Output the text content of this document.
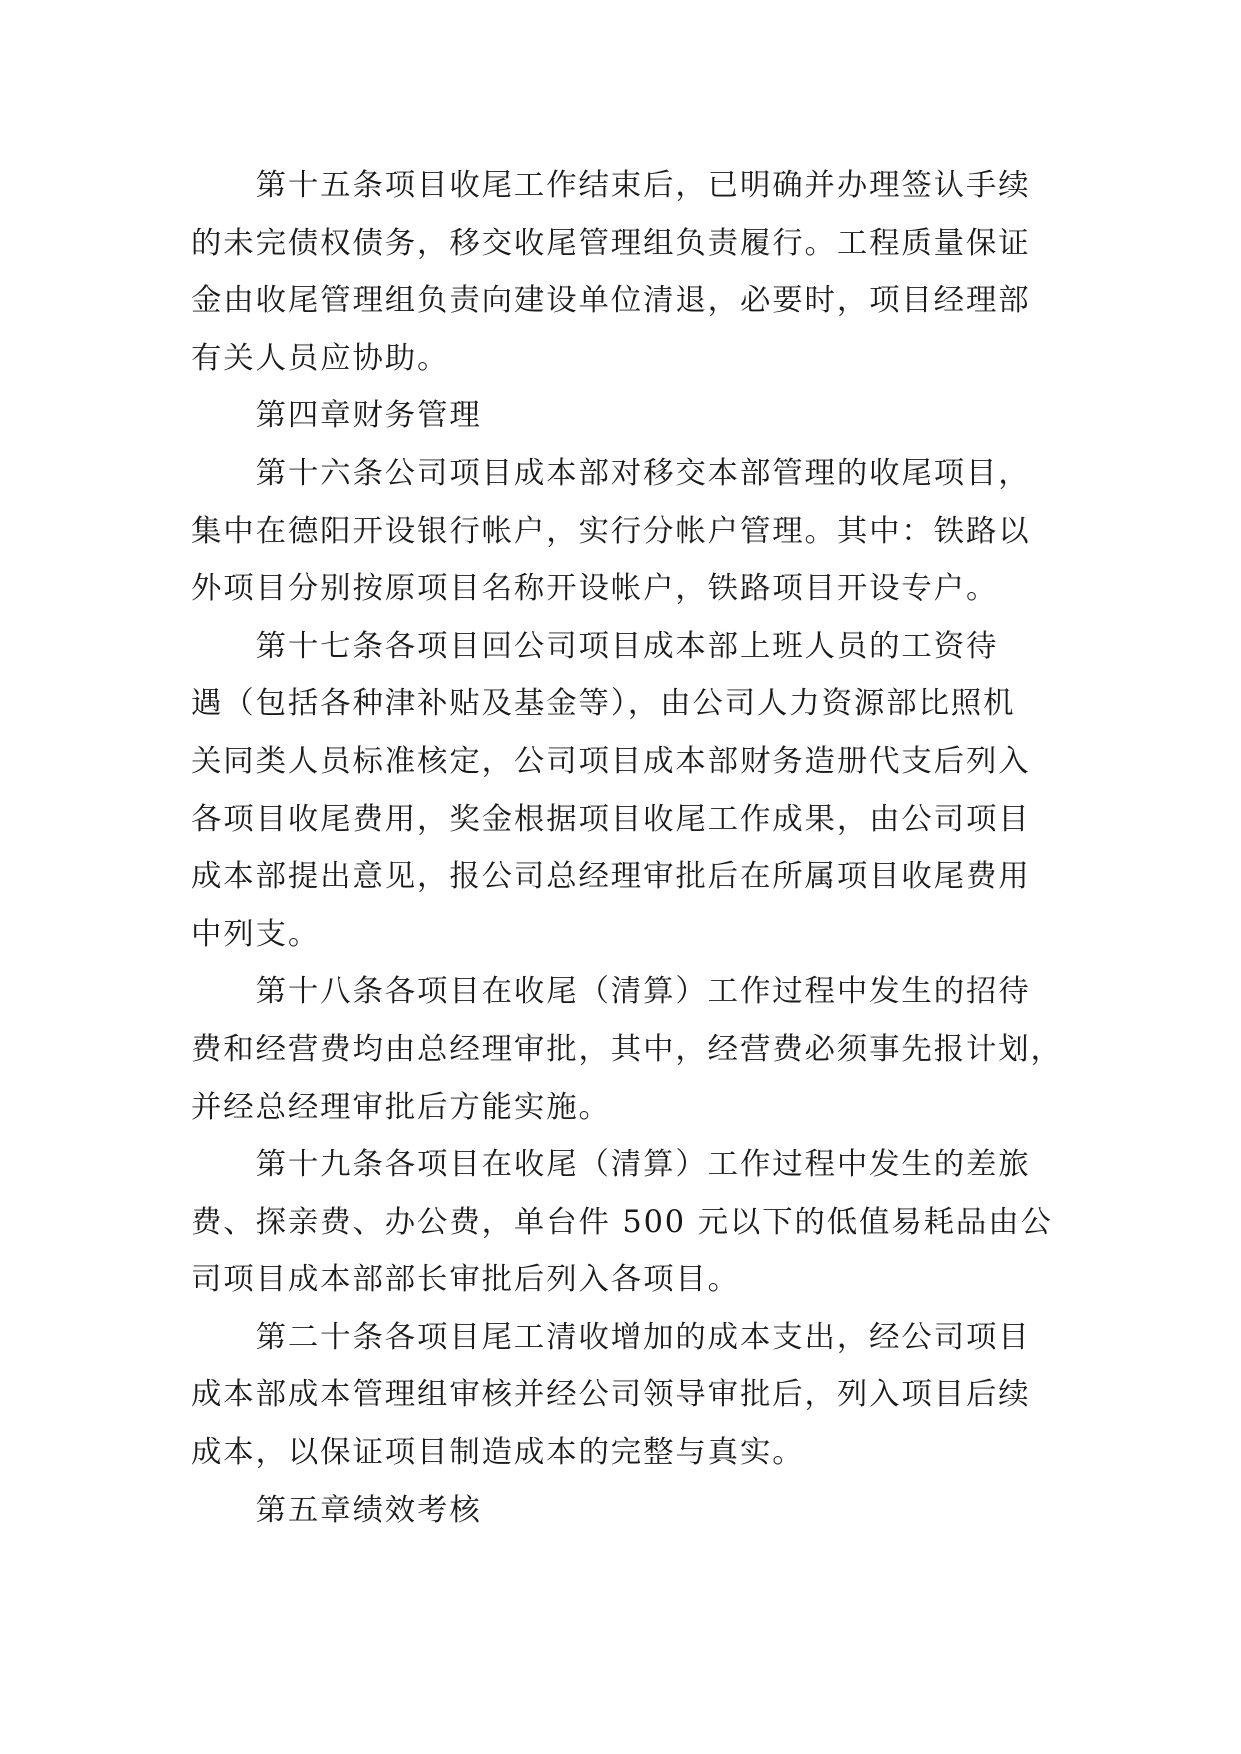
第十五条项目收尾工作结束后，已明确并办理签认手续
的未完债权债务，移交收尾管理组负责履行。工程质量保证
金由收尾管理组负责向建设单位清退，必要时，项目经理部
有关人员应协助。
第四章财务管理
第十六条公司项目成本部对移交本部管理的收尾项目，
集中在德阳开设银行帐户，实行分帐户管理。其中：铁路以
外项目分别按原项目名称开设帐户，铁路项目开设专户。
第十七条各项目回公司项目成本部上班人员的工资待
遇（包括各种津补贴及基金等），由公司人力资源部比照机
关同类人员标准核定，公司项目成本部财务造册代支后列入
各项目收尾费用，奖金根据项目收尾工作成果，由公司项目
成本部提出意见，报公司总经理审批后在所属项目收尾费用
中列支。
第十八条各项目在收尾（清算）工作过程中发生的招待
费和经营费均由总经理审批，其中，经营费必须事先报计划，
并经总经理审批后方能实施。
第十九条各项目在收尾（清算）工作过程中发生的差旅
费、探亲费、办公费，单台件 500 元以下的低值易耗品由公
司项目成本部部长审批后列入各项目。
第二十条各项目尾工清收增加的成本支出，经公司项目
成本部成本管理组审核并经公司领导审批后，列入项目后续
成本，以保证项目制造成本的完整与真实。
第五章绩效考核
